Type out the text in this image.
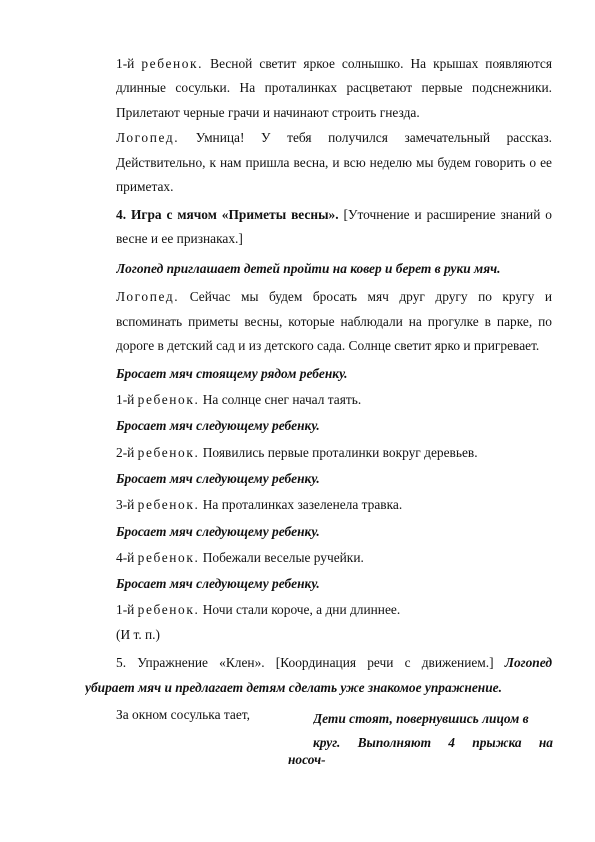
1-й ребенок. Весной светит яркое солнышко. На крышах появляются
длинные сосульки. На проталинках расцветают первые подснежники.
Прилетают черные грачи и начинают строить гнезда.
Логопед. Умница! У тебя получился замечательный рассказ.
Действительно, к нам пришла весна, и всю неделю мы будем говорить о ее
приметах.
4. Игра с мячом «Приметы весны». [Уточнение и расширение знаний о
весне и ее признаках.]
Логопед приглашает детей пройти на ковер и берет в руки мяч.
Логопед. Сейчас мы будем бросать мяч друг другу по кругу и
вспоминать приметы весны, которые наблюдали на прогулке в парке, по
дороге в детский сад и из детского сада. Солнце светит ярко и пригревает.
Бросает мяч стоящему рядом ребенку.
1-й ребенок. На солнце снег начал таять.
Бросает мяч следующему ребенку.
2-й ребенок. Появились первые проталинки вокруг деревьев.
Бросает мяч следующему ребенку.
3-й ребенок. На проталинках зазеленела травка.
Бросает мяч следующему ребенку.
4-й ребенок. Побежали веселые ручейки.
Бросает мяч следующему ребенку.
1-й ребенок. Ночи стали короче, а дни длиннее.
(И т. п.)
5. Упражнение «Клен». [Координация речи с движением.] Логопед
убирает мяч и предлагает детям сделать уже знакомое упражнение.
За окном сосулька тает,	Дети стоят, повернувшись лицом в
круг. Выполняют 4 прыжка на
носоч-
